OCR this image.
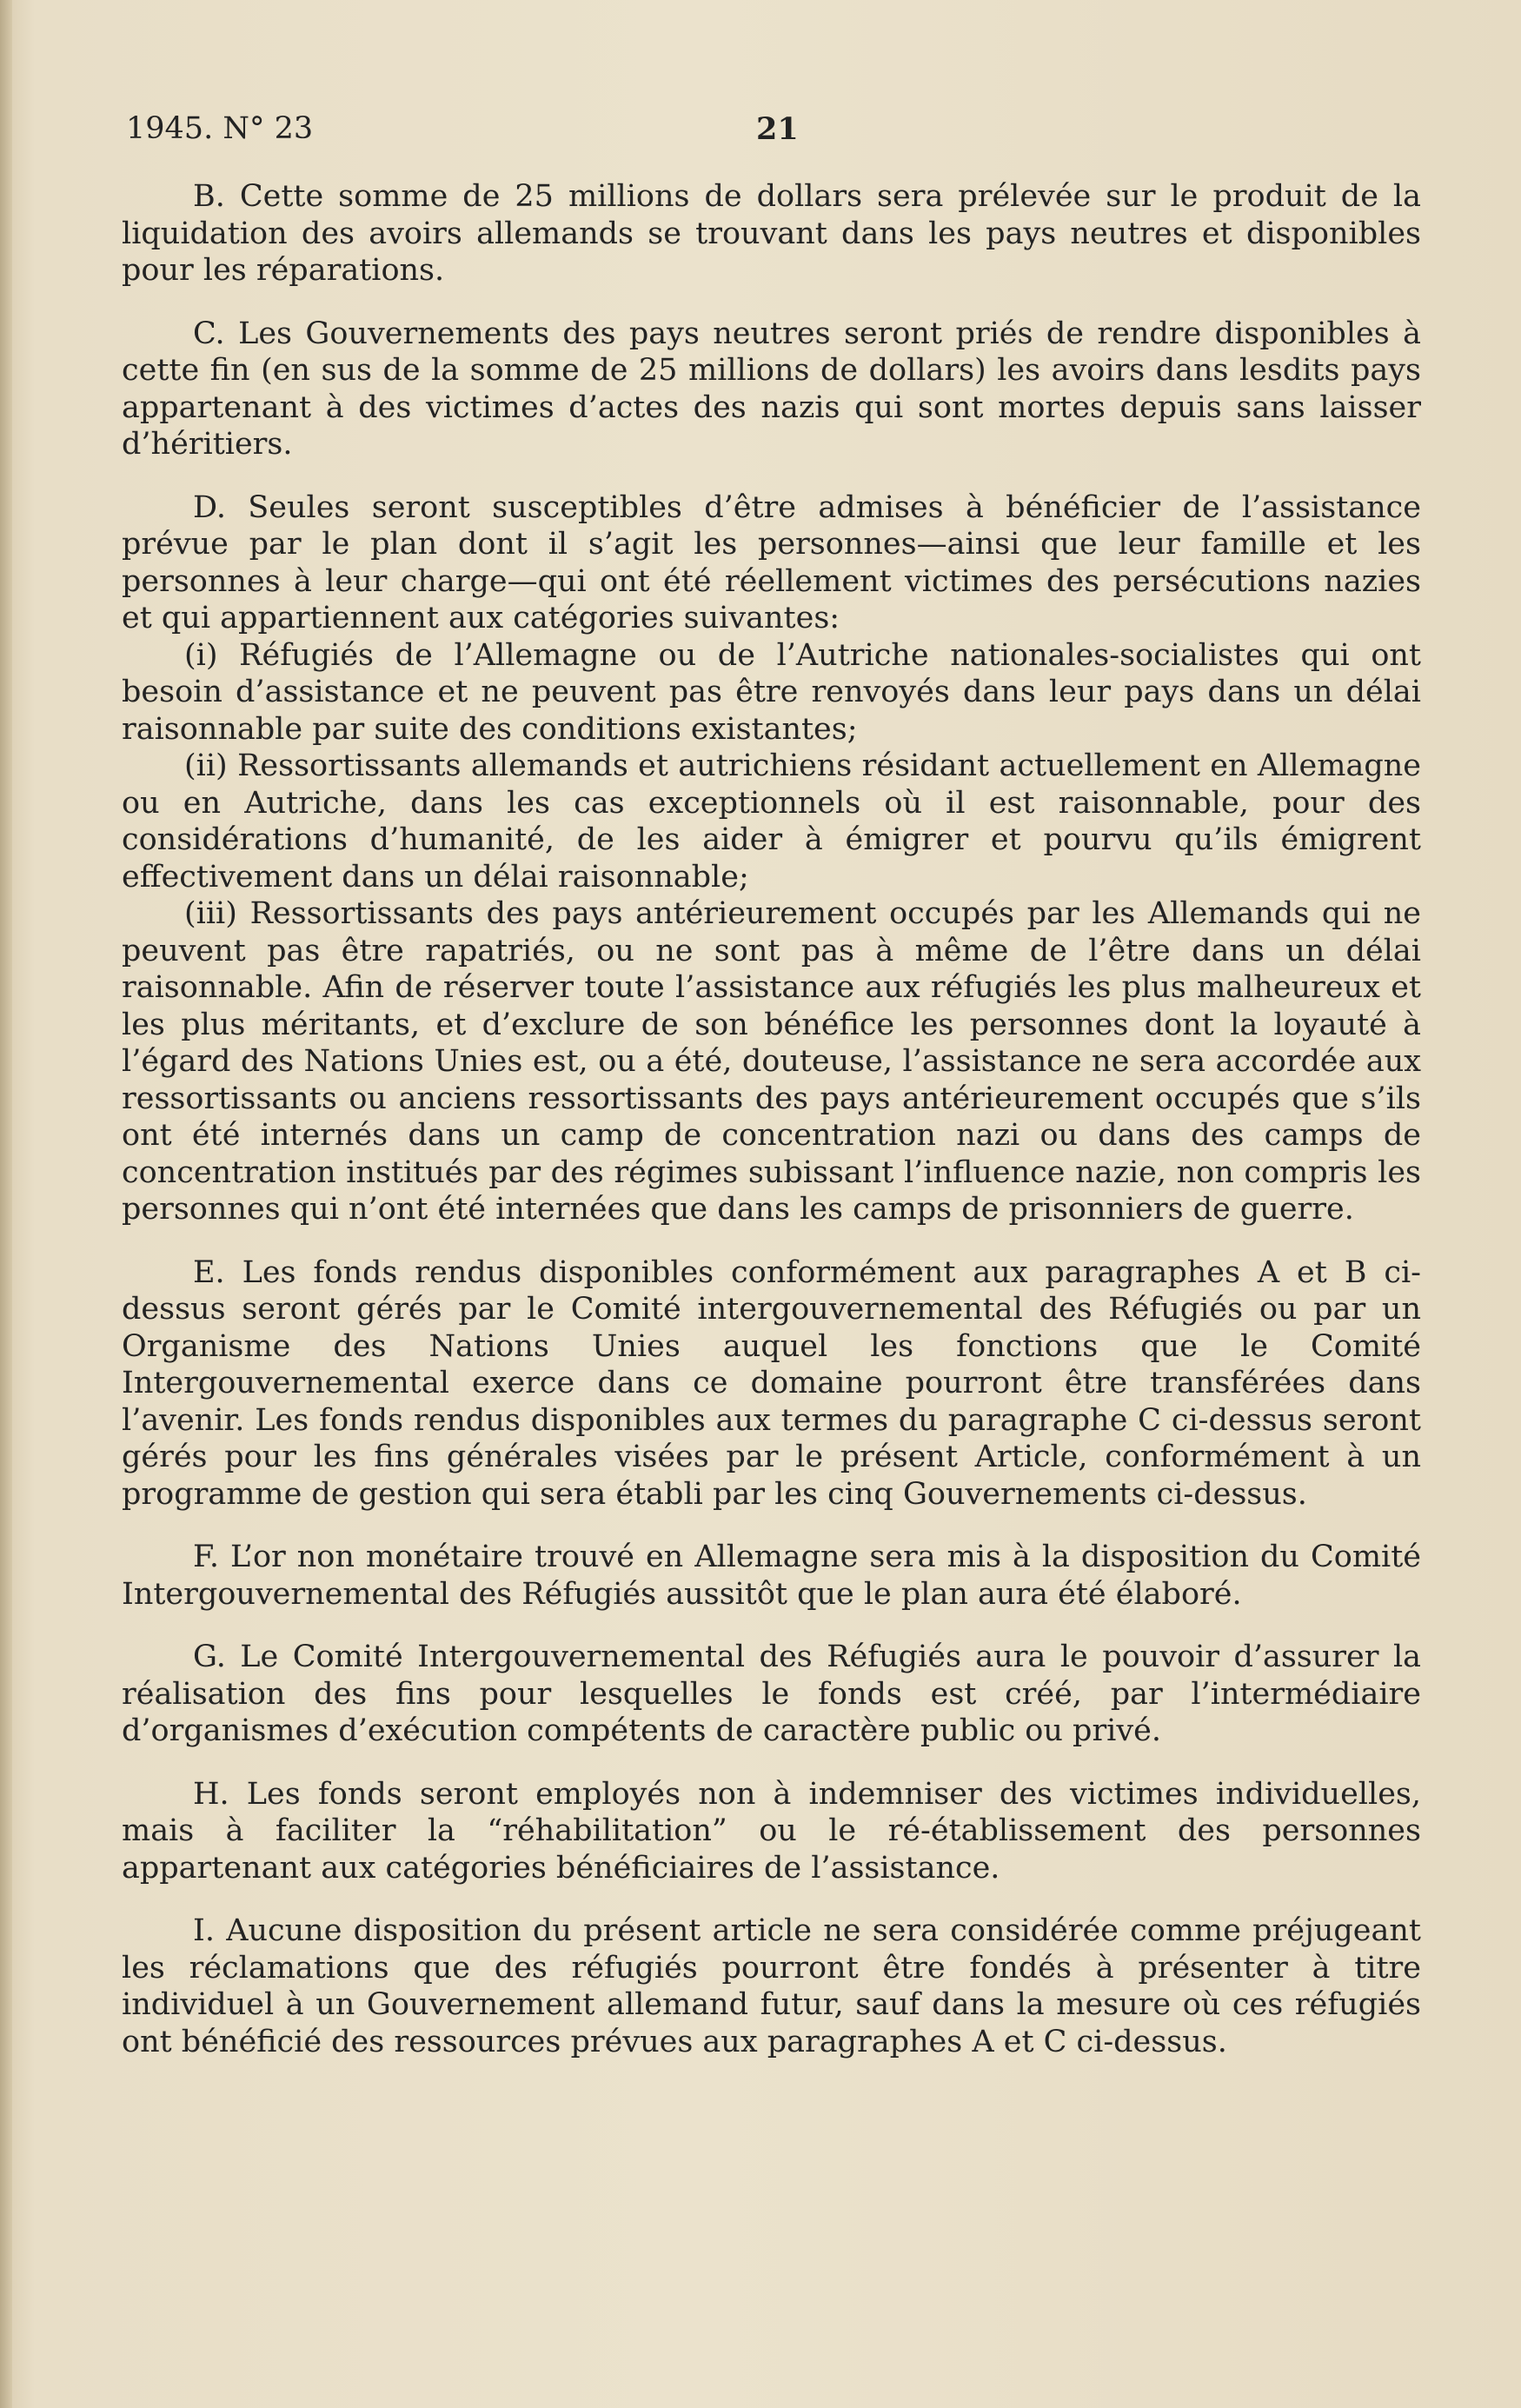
1945. N° 23	21

B. Cette somme de 25 millions de dollars sera prélevée sur le produit de la liquidation des avoirs allemands se trouvant dans les pays neutres et disponibles pour les réparations.

C. Les Gouvernements des pays neutres seront priés de rendre disponibles à cette fin (en sus de la somme de 25 millions de dollars) les avoirs dans lesdits pays appartenant à des victimes d’actes des nazis qui sont mortes depuis sans laisser d’héritiers.

D. Seules seront susceptibles d’être admises à bénéficier de l’assistance prévue par le plan dont il s’agit les personnes—ainsi que leur famille et les personnes à leur charge—qui ont été réellement victimes des persécutions nazies et qui appartiennent aux catégories suivantes:

(i) Réfugiés de l’Allemagne ou de l’Autriche nationales-socialistes qui ont besoin d’assistance et ne peuvent pas être renvoyés dans leur pays dans un délai raisonnable par suite des conditions existantes;

(ii) Ressortissants allemands et autrichiens résidant actuellement en Allemagne ou en Autriche, dans les cas exceptionnels où il est raisonnable, pour des considérations d’humanité, de les aider à émigrer et pourvu qu’ils émigrent effectivement dans un délai raisonnable;

(iii) Ressortissants des pays antérieurement occupés par les Allemands qui ne peuvent pas être rapatriés, ou ne sont pas à même de l’être dans un délai raisonnable. Afin de réserver toute l’assistance aux réfugiés les plus malheureux et les plus méritants, et d’exclure de son bénéfice les personnes dont la loyauté à l’égard des Nations Unies est, ou a été, douteuse, l’assistance ne sera accordée aux ressortissants ou anciens ressortissants des pays antérieurement occupés que s’ils ont été internés dans un camp de concentration nazi ou dans des camps de concentration institués par des régimes subissant l’influence nazie, non compris les personnes qui n’ont été internées que dans les camps de prisonniers de guerre.

E. Les fonds rendus disponibles conformément aux paragraphes A et B ci-dessus seront gérés par le Comité intergouvernemental des Réfugiés ou par un Organisme des Nations Unies auquel les fonctions que le Comité Intergouvernemental exerce dans ce domaine pourront être transférées dans l’avenir. Les fonds rendus disponibles aux termes du paragraphe C ci-dessus seront gérés pour les fins générales visées par le présent Article, conformément à un programme de gestion qui sera établi par les cinq Gouvernements ci-dessus.

F. L’or non monétaire trouvé en Allemagne sera mis à la disposition du Comité Intergouvernemental des Réfugiés aussitôt que le plan aura été élaboré.

G. Le Comité Intergouvernemental des Réfugiés aura le pouvoir d’assurer la réalisation des fins pour lesquelles le fonds est créé, par l’intermédiaire d’organismes d’exécution compétents de caractère public ou privé.

H. Les fonds seront employés non à indemniser des victimes individuelles, mais à faciliter la “réhabilitation” ou le ré-établissement des personnes appartenant aux catégories bénéficiaires de l’assistance.

I. Aucune disposition du présent article ne sera considérée comme préjugeant les réclamations que des réfugiés pourront être fondés à présenter à titre individuel à un Gouvernement allemand futur, sauf dans la mesure où ces réfugiés ont bénéficié des ressources prévues aux paragraphes A et C ci-dessus.
